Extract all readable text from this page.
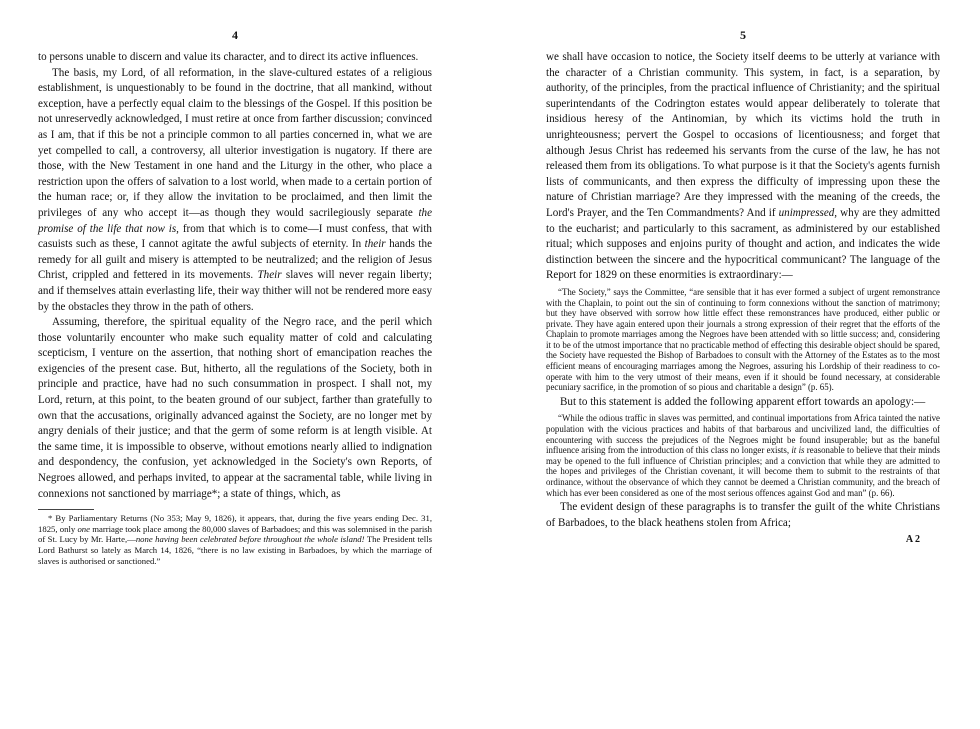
4

to persons unable to discern and value its character, and to direct its active influences.

The basis, my Lord, of all reformation, in the slave-cultured estates of a religious establishment, is unquestionably to be found in the doctrine, that all mankind, without exception, have a perfectly equal claim to the blessings of the Gospel. If this position be not unreservedly acknowledged, I must retire at once from farther discussion; convinced as I am, that if this be not a principle common to all parties concerned in, what we are yet compelled to call, a controversy, all ulterior investigation is nugatory. If there are those, with the New Testament in one hand and the Liturgy in the other, who place a restriction upon the offers of salvation to a lost world, when made to a certain portion of the human race; or, if they allow the invitation to be proclaimed, and then limit the privileges of any who accept it—as though they would sacrilegiously separate the promise of the life that now is, from that which is to come—I must confess, that with casuists such as these, I cannot agitate the awful subjects of eternity. In their hands the remedy for all guilt and misery is attempted to be neutralized; and the religion of Jesus Christ, crippled and fettered in its movements. Their slaves will never regain liberty; and if themselves attain everlasting life, their way thither will not be rendered more easy by the obstacles they throw in the path of others.

Assuming, therefore, the spiritual equality of the Negro race, and the peril which those voluntarily encounter who make such equality matter of cold and calculating scepticism, I venture on the assertion, that nothing short of emancipation reaches the exigencies of the present case. But, hitherto, all the regulations of the Society, both in principle and practice, have had no such consummation in prospect. I shall not, my Lord, return, at this point, to the beaten ground of our subject, farther than gratefully to own that the accusations, originally advanced against the Society, are no longer met by angry denials of their justice; and that the germ of some reform is at length visible. At the same time, it is impossible to observe, without emotions nearly allied to indignation and despondency, the confusion, yet acknowledged in the Society's own Reports, of Negroes allowed, and perhaps invited, to appear at the sacramental table, while living in connexions not sanctioned by marriage*; a state of things, which, as

* By Parliamentary Returns (No 353; May 9, 1826), it appears, that, during the five years ending Dec. 31, 1825, only one marriage took place among the 80,000 slaves of Barbadoes; and this was solemnised in the parish of St. Lucy by Mr. Harte,—none having been celebrated before throughout the whole island! The President tells Lord Bathurst so lately as March 14, 1826, “there is no law existing in Barbadoes, by which the marriage of slaves is authorised or sanctioned.”

5

we shall have occasion to notice, the Society itself deems to be utterly at variance with the character of a Christian community. This system, in fact, is a separation, by authority, of the principles, from the practical influence of Christianity; and the spiritual superintendants of the Codrington estates would appear deliberately to tolerate that insidious heresy of the Antinomian, by which its victims hold the truth in unrighteousness; pervert the Gospel to occasions of licentiousness; and forget that although Jesus Christ has redeemed his servants from the curse of the law, he has not released them from its obligations. To what purpose is it that the Society's agents furnish lists of communicants, and then express the difficulty of impressing upon these the nature of Christian marriage? Are they impressed with the meaning of the creeds, the Lord's Prayer, and the Ten Commandments? And if unimpressed, why are they admitted to the eucharist; and particularly to this sacrament, as administered by our established ritual; which supposes and enjoins purity of thought and action, and indicates the wide distinction between the sincere and the hypocritical communicant? The language of the Report for 1829 on these enormities is extraordinary:—

“The Society,” says the Committee, “are sensible that it has ever formed a subject of urgent remonstrance with the Chaplain, to point out the sin of continuing to form connexions without the sanction of matrimony; but they have observed with sorrow how little effect these remonstrances have produced, either public or private. They have again entered upon their journals a strong expression of their regret that the efforts of the Chaplain to promote marriages among the Negroes have been attended with so little success; and, considering it to be of the utmost importance that no practicable method of effecting this desirable object should be spared, the Society have requested the Bishop of Barbadoes to consult with the Attorney of the Estates as to the most efficient means of encouraging marriages among the Negroes, assuring his Lordship of their readiness to co-operate with him to the very utmost of their means, even if it should be found necessary, at considerable pecuniary sacrifice, in the promotion of so pious and charitable a design” (p. 65).

But to this statement is added the following apparent effort towards an apology:—

“While the odious traffic in slaves was permitted, and continual importations from Africa tainted the native population with the vicious practices and habits of that barbarous and uncivilized land, the difficulties of encountering with success the prejudices of the Negroes might be found insuperable; but as the baneful influence arising from the introduction of this class no longer exists, it is reasonable to believe that their minds may be opened to the full influence of Christian principles; and a conviction that while they are admitted to the hopes and privileges of the Christian covenant, it will become them to submit to the restraints of that ordinance, without the observance of which they cannot be deemed a Christian community, and the breach of which has ever been considered as one of the most serious offences against God and man” (p. 66).

The evident design of these paragraphs is to transfer the guilt of the white Christians of Barbadoes, to the black heathens stolen from Africa;

A 2
